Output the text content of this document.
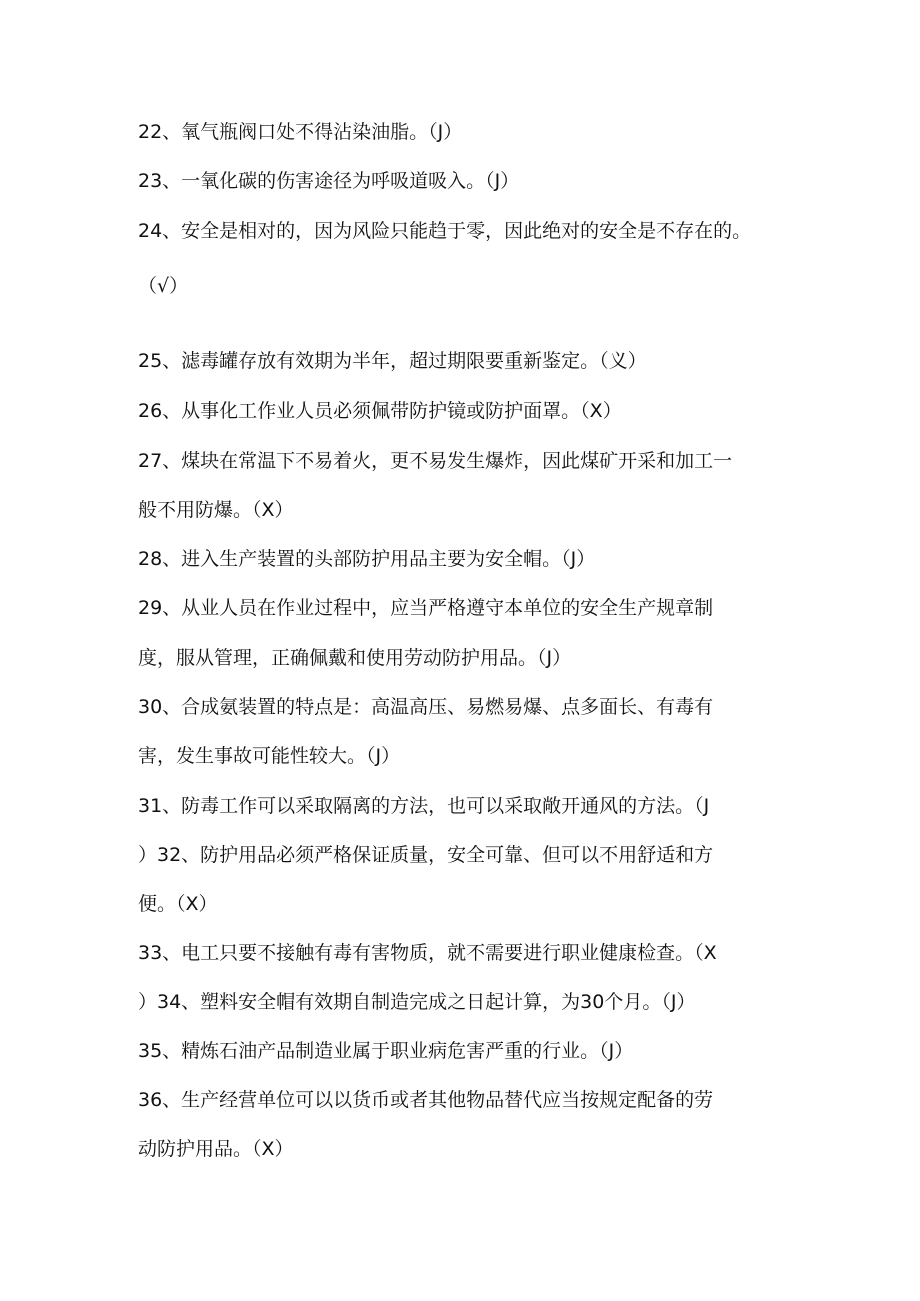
22、氧气瓶阀口处不得沾染油脂。（J）
23、一氧化碳的伤害途径为呼吸道吸入。（J）
24、安全是相对的，因为风险只能趋于零，因此绝对的安全是不存在的。
（√）
25、滤毒罐存放有效期为半年，超过期限要重新鉴定。（义）
26、从事化工作业人员必须佩带防护镜或防护面罩。（X）
27、煤块在常温下不易着火，更不易发生爆炸，因此煤矿开采和加工一
般不用防爆。（X）
28、进入生产装置的头部防护用品主要为安全帽。（J）
29、从业人员在作业过程中，应当严格遵守本单位的安全生产规章制
度，服从管理，正确佩戴和使用劳动防护用品。（J）
30、合成氨装置的特点是：高温高压、易燃易爆、点多面长、有毒有
害，发生事故可能性较大。（J）
31、防毒工作可以采取隔离的方法，也可以采取敞开通风的方法。（J
）32、防护用品必须严格保证质量，安全可靠、但可以不用舒适和方
便。（X）
33、电工只要不接触有毒有害物质，就不需要进行职业健康检查。（X
）34、塑料安全帽有效期自制造完成之日起计算，为30个月。（J）
35、精炼石油产品制造业属于职业病危害严重的行业。（J）
36、生产经营单位可以以货币或者其他物品替代应当按规定配备的劳
动防护用品。（X）
